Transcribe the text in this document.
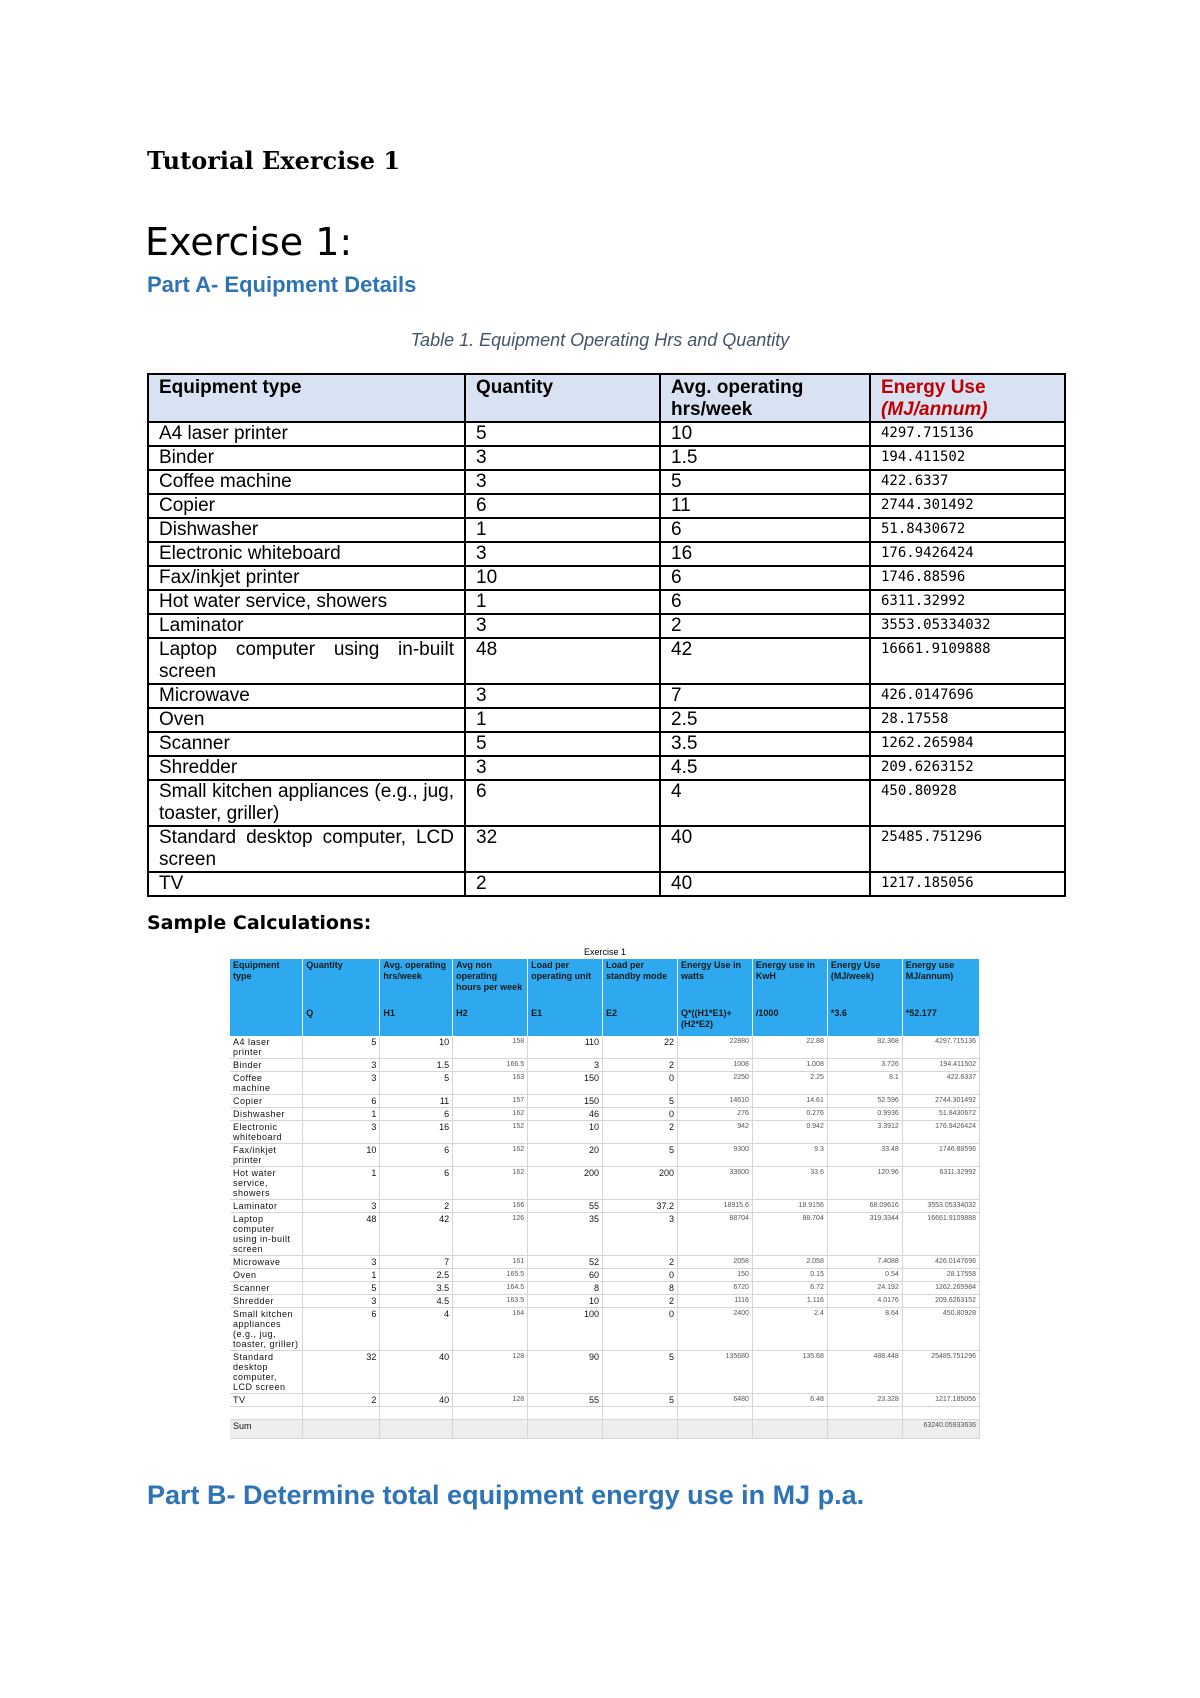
Tutorial Exercise 1
Exercise 1:
Part A- Equipment Details
Table 1. Equipment Operating Hrs and Quantity
Equipment type	Quantity	Avg. operating hrs/week	Energy Use
(MJ/annum)
A4 laser printer	5	10	4297.715136
Binder	3	1.5	194.411502
Coffee machine	3	5	422.6337
Copier	6	11	2744.301492
Dishwasher	1	6	51.8430672
Electronic whiteboard	3	16	176.9426424
Fax/inkjet printer	10	6	1746.88596
Hot water service, showers	1	6	6311.32992
Laminator	3	2	3553.05334032
Laptop computer using in-built screen	48	42	16661.9109888
Microwave	3	7	426.0147696
Oven	1	2.5	28.17558
Scanner	5	3.5	1262.265984
Shredder	3	4.5	209.6263152
Small kitchen appliances (e.g., jug, toaster, griller)	6	4	450.80928
Standard desktop computer, LCD screen	32	40	25485.751296
TV	2	40	1217.185056
Sample Calculations:
Exercise 1
Equipment type	Quantity	Avg. operating hrs/week	Avg non operating hours per week	Load per operating unit	Load per standby mode	Energy Use in watts	Energy use in KwH	Energy Use (MJ/week)	Energy use MJ/annum)
	Q	H1	H2	E1	E2	Q*((H1*E1)+(H2*E2)	/1000	*3.6	*52.177
A4 laser printer	5	10	158	110	22	22880	22.88	82.368	4297.715136
Binder	3	1.5	166.5	3	2	1008	1.008	3.726	194.411502
Coffee machine	3	5	163	150	0	2250	2.25	8.1	422.6337
Copier	6	11	157	150	5	14610	14.61	52.596	2744.301492
Dishwasher	1	6	162	46	0	276	0.276	0.9936	51.8430672
Electronic whiteboard	3	16	152	10	2	942	0.942	3.3912	176.9426424
Fax/inkjet printer	10	6	162	20	5	9300	9.3	33.48	1746.88596
Hot water service, showers	1	6	162	200	200	33600	33.6	120.96	6311.32992
Laminator	3	2	166	55	37.2	18915.6	18.9156	68.09616	3553.05334032
Laptop computer using in-built screen	48	42	126	35	3	88704	88.704	319.3344	16661.9109888
Microwave	3	7	161	52	2	2058	2.058	7.4088	426.0147696
Oven	1	2.5	165.5	60	0	150	0.15	0.54	28.17558
Scanner	5	3.5	164.5	8	8	6720	6.72	24.192	1262.265984
Shredder	3	4.5	163.5	10	2	1116	1.116	4.0176	209.6263152
Small kitchen appliances (e.g., jug, toaster, griller)	6	4	164	100	0	2400	2.4	8.64	450.80928
Standard desktop computer, LCD screen	32	40	128	90	5	135680	135.68	488.448	25485.751296
TV	2	40	128	55	5	6480	6.48	23.328	1217.185056

Sum									63240.05933636
Part B- Determine total equipment energy use in MJ p.a.
